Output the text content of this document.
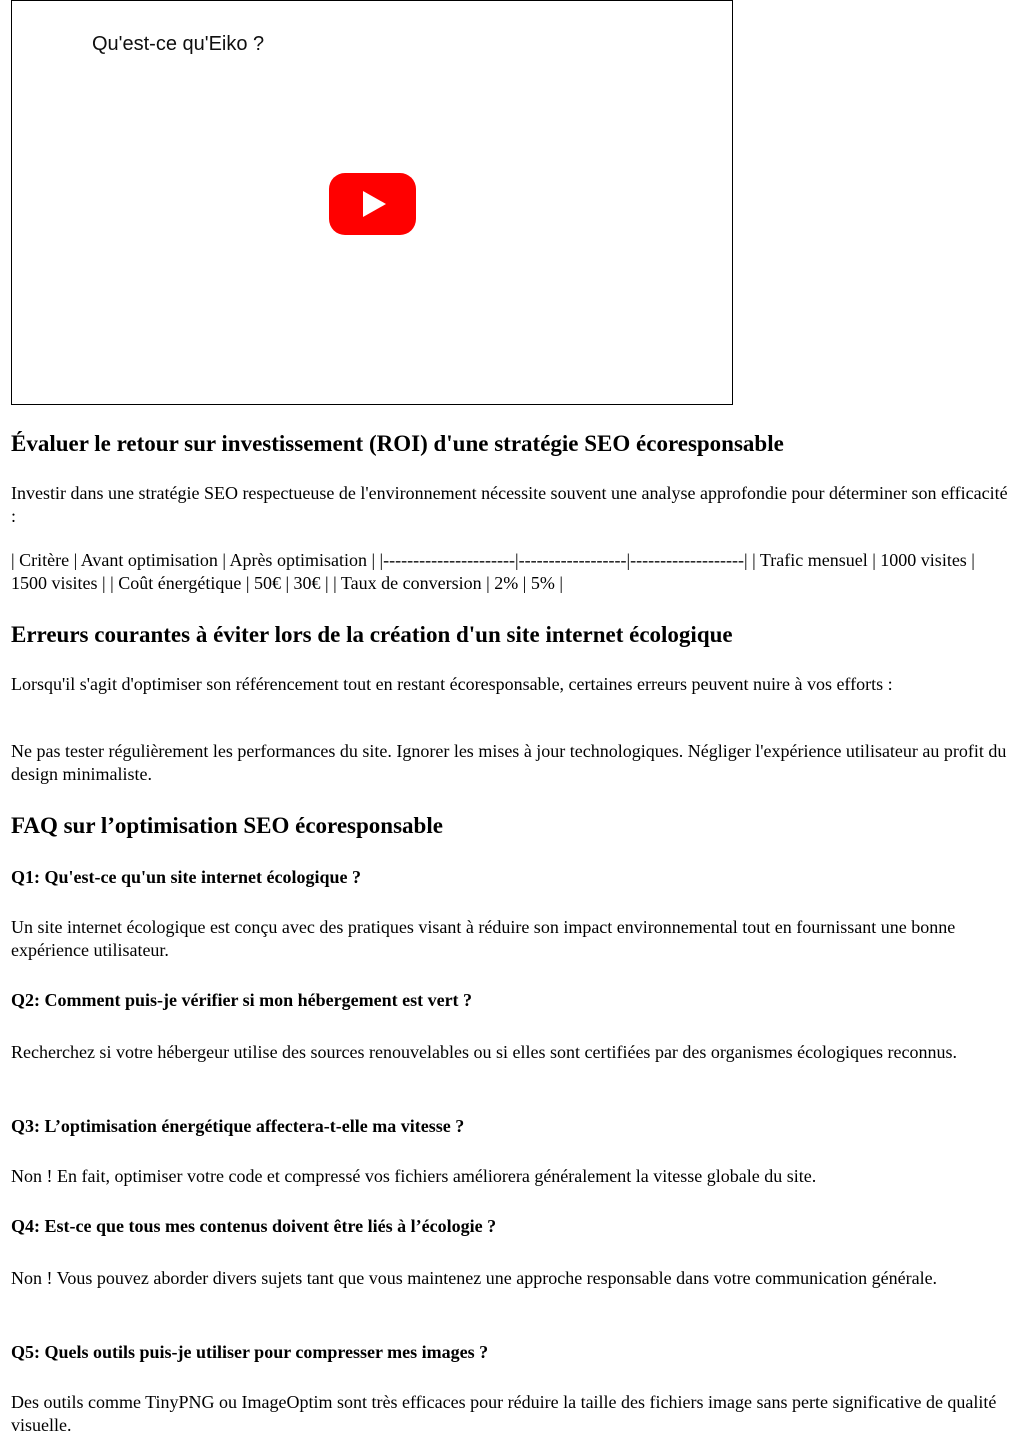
Qu'est-ce qu'Eiko ?
Évaluer le retour sur investissement (ROI) d'une stratégie SEO écoresponsable

Investir dans une stratégie SEO respectueuse de l'environnement nécessite souvent une analyse approfondie pour déterminer son efficacité :

| Critère | Avant optimisation | Après optimisation | |----------------------|------------------|-------------------| | Trafic mensuel | 1000 visites | 1500 visites | | Coût énergétique | 50€ | 30€ | | Taux de conversion | 2% | 5% |

Erreurs courantes à éviter lors de la création d'un site internet écologique

Lorsqu'il s'agit d'optimiser son référencement tout en restant écoresponsable, certaines erreurs peuvent nuire à vos efforts :

Ne pas tester régulièrement les performances du site. Ignorer les mises à jour technologiques. Négliger l'expérience utilisateur au profit du design minimaliste.

FAQ sur l’optimisation SEO écoresponsable
Q1: Qu'est-ce qu'un site internet écologique ?

Un site internet écologique est conçu avec des pratiques visant à réduire son impact environnemental tout en fournissant une bonne expérience utilisateur.

Q2: Comment puis-je vérifier si mon hébergement est vert ?

Recherchez si votre hébergeur utilise des sources renouvelables ou si elles sont certifiées par des organismes écologiques reconnus.

Q3: L’optimisation énergétique affectera-t-elle ma vitesse ?

Non ! En fait, optimiser votre code et compressé vos fichiers améliorera généralement la vitesse globale du site.

Q4: Est-ce que tous mes contenus doivent être liés à l’écologie ?

Non ! Vous pouvez aborder divers sujets tant que vous maintenez une approche responsable dans votre communication générale.

Q5: Quels outils puis-je utiliser pour compresser mes images ?

Des outils comme TinyPNG ou ImageOptim sont très efficaces pour réduire la taille des fichiers image sans perte significative de qualité visuelle.
